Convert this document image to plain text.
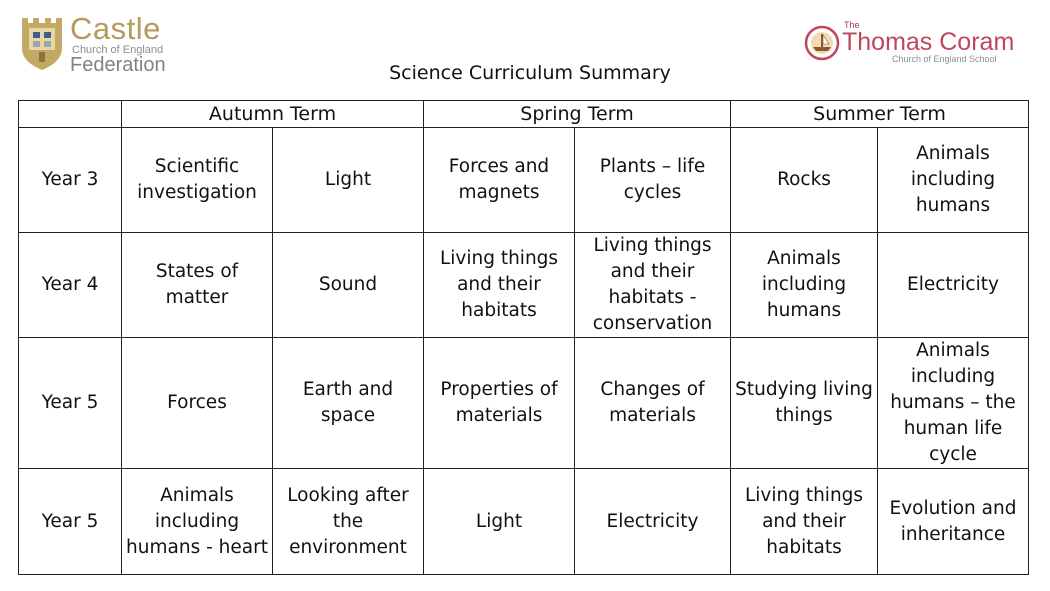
Castle
Church of England
Federation
The
Thomas Coram
Church of England School
Science Curriculum Summary
	Autumn Term		Spring Term		Summer Term	
Year 3	Scientific investigation	Light	Forces and magnets	Plants – life cycles	Rocks	Animals including humans
Year 4	States of matter	Sound	Living things and their habitats	Living things and their habitats - conservation	Animals including humans	Electricity
Year 5	Forces	Earth and space	Properties of materials	Changes of materials	Studying living things	Animals including humans – the human life cycle
Year 5	Animals including humans - heart	Looking after the environment	Light	Electricity	Living things and their habitats	Evolution and inheritance
